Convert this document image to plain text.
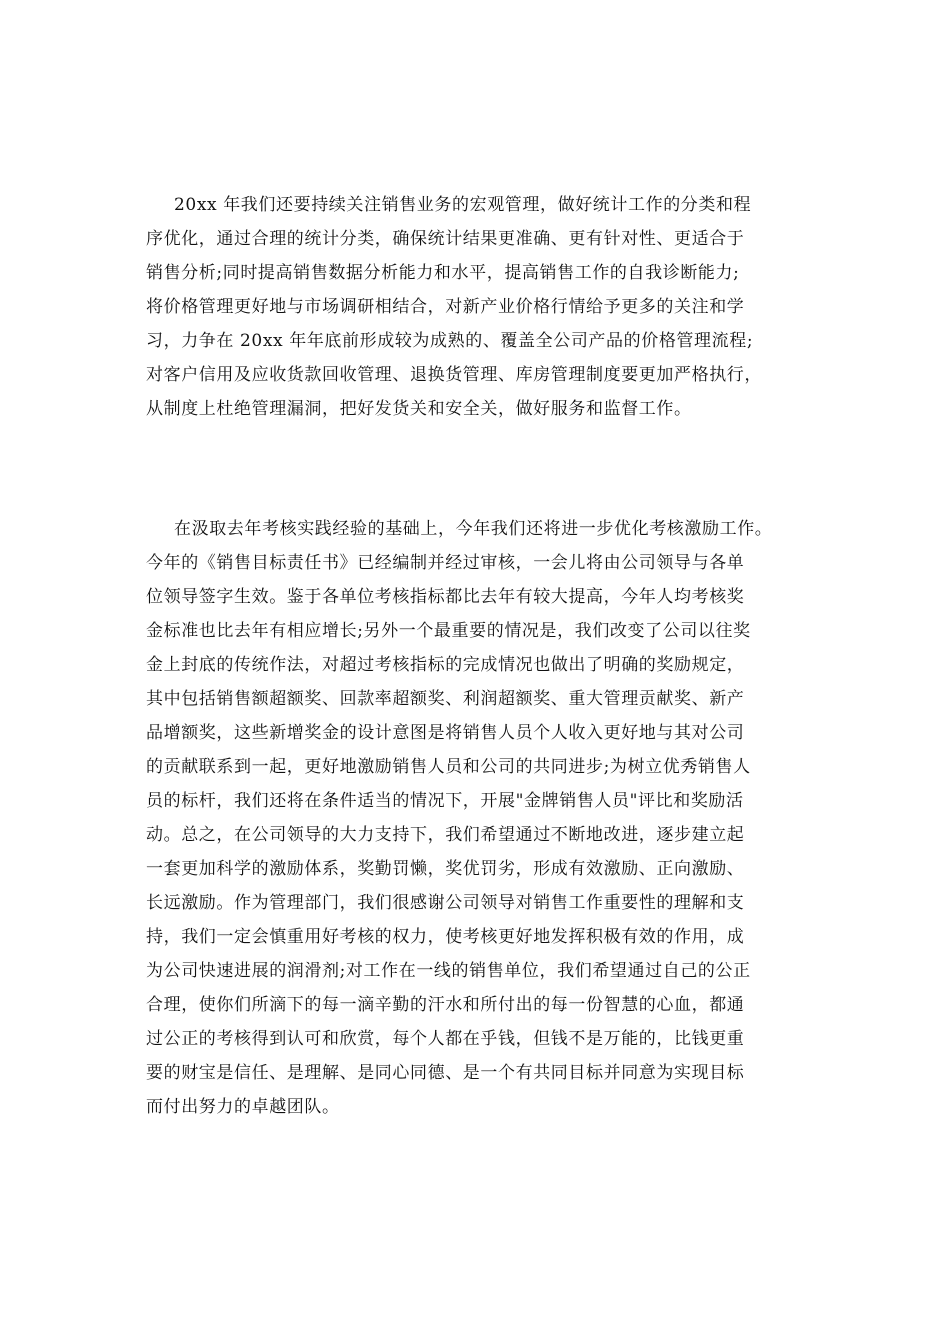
20xx 年我们还要持续关注销售业务的宏观管理，做好统计工作的分类和程
序优化，通过合理的统计分类，确保统计结果更准确、更有针对性、更适合于
销售分析;同时提高销售数据分析能力和水平，提高销售工作的自我诊断能力;
将价格管理更好地与市场调研相结合，对新产业价格行情给予更多的关注和学
习，力争在 20xx 年年底前形成较为成熟的、覆盖全公司产品的价格管理流程;
对客户信用及应收货款回收管理、退换货管理、库房管理制度要更加严格执行，
从制度上杜绝管理漏洞，把好发货关和安全关，做好服务和监督工作。
在汲取去年考核实践经验的基础上，今年我们还将进一步优化考核激励工作。
今年的《销售目标责任书》已经编制并经过审核，一会儿将由公司领导与各单
位领导签字生效。鉴于各单位考核指标都比去年有较大提高，今年人均考核奖
金标准也比去年有相应增长;另外一个最重要的情况是，我们改变了公司以往奖
金上封底的传统作法，对超过考核指标的完成情况也做出了明确的奖励规定，
其中包括销售额超额奖、回款率超额奖、利润超额奖、重大管理贡献奖、新产
品增额奖，这些新增奖金的设计意图是将销售人员个人收入更好地与其对公司
的贡献联系到一起，更好地激励销售人员和公司的共同进步;为树立优秀销售人
员的标杆，我们还将在条件适当的情况下，开展"金牌销售人员"评比和奖励活
动。总之，在公司领导的大力支持下，我们希望通过不断地改进，逐步建立起
一套更加科学的激励体系，奖勤罚懒，奖优罚劣，形成有效激励、正向激励、
长远激励。作为管理部门，我们很感谢公司领导对销售工作重要性的理解和支
持，我们一定会慎重用好考核的权力，使考核更好地发挥积极有效的作用，成
为公司快速进展的润滑剂;对工作在一线的销售单位，我们希望通过自己的公正
合理，使你们所滴下的每一滴辛勤的汗水和所付出的每一份智慧的心血，都通
过公正的考核得到认可和欣赏，每个人都在乎钱，但钱不是万能的，比钱更重
要的财宝是信任、是理解、是同心同德、是一个有共同目标并同意为实现目标
而付出努力的卓越团队。
